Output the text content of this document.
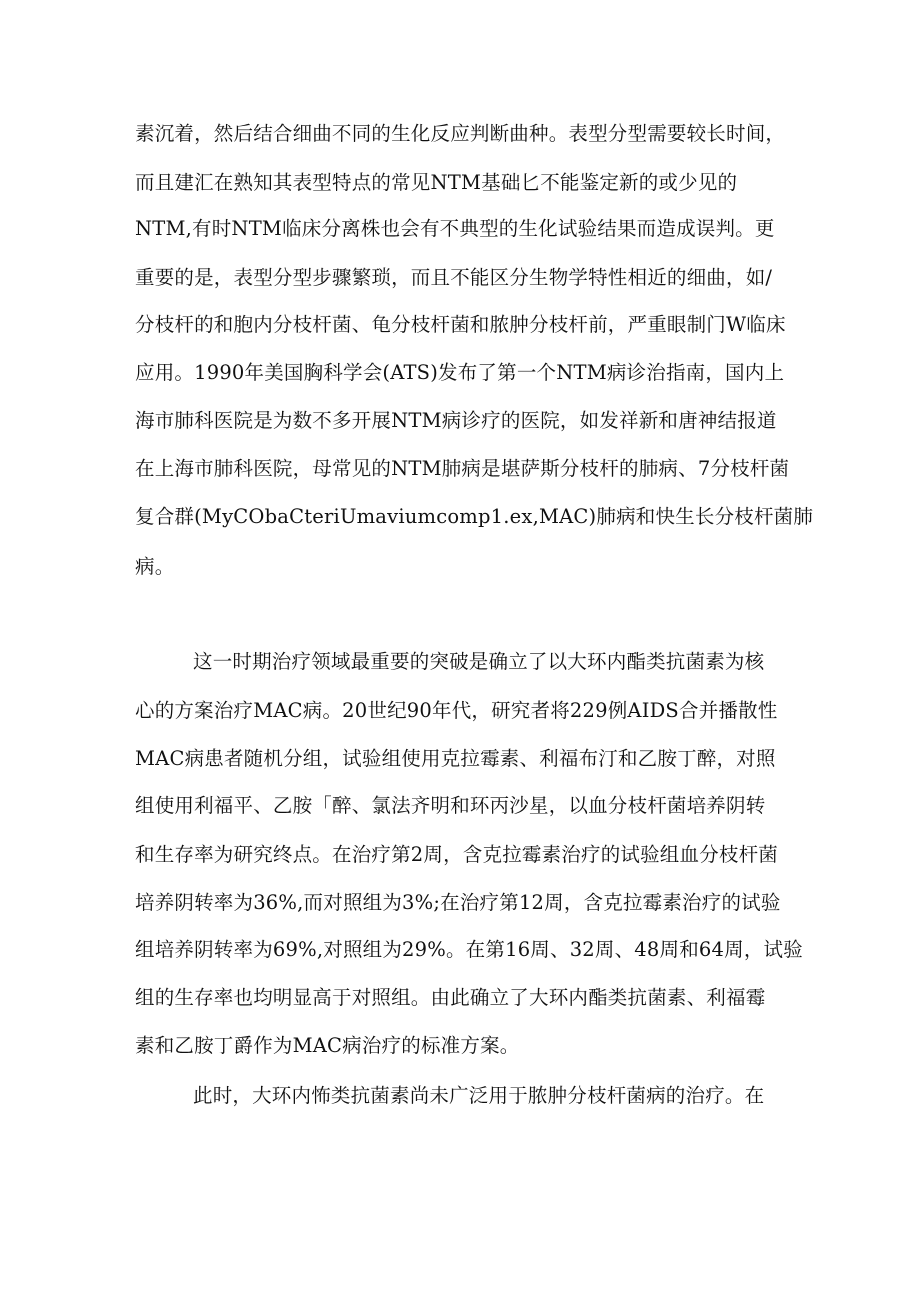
素沉着，然后结合细曲不同的生化反应判断曲种。表型分型需要较长时间，
而且建汇在熟知其表型特点的常见NTM基础匕不能鉴定新的或少见的
NTM,有时NTM临床分离株也会有不典型的生化试验结果而造成误判。更
重要的是，表型分型步骤繁琐，而且不能区分生物学特性相近的细曲，如/
分枝杆的和胞内分枝杆菌、龟分枝杆菌和脓肿分枝杆前，严重眼制门W临床
应用。1990年美国胸科学会(ATS)发布了第一个NTM病诊治指南，国内上
海市肺科医院是为数不多开展NTM病诊疗的医院，如发祥新和唐神结报道
在上海市肺科医院，母常见的NTM肺病是堪萨斯分枝杆的肺病、7分枝杆菌
复合群(MyCObaCteriUmaviumcomp1.ex,MAC)肺病和快生长分枝杆菌肺
病。
这一时期治疗领域最重要的突破是确立了以大环内酯类抗菌素为核
心的方案治疗MAC病。20世纪90年代，研究者将229例AIDS合并播散性
MAC病患者随机分组，试验组使用克拉霉素、利福布汀和乙胺丁醉，对照
组使用利福平、乙胺「醉、氯法齐明和环丙沙星，以血分枝杆菌培养阴转
和生存率为研究终点。在治疗第2周，含克拉霉素治疗的试验组血分枝杆菌
培养阴转率为36%,而对照组为3%;在治疗第12周，含克拉霉素治疗的试验
组培养阴转率为69%,对照组为29%。在第16周、32周、48周和64周，试验
组的生存率也均明显高于对照组。由此确立了大环内酯类抗菌素、利福霉
素和乙胺丁爵作为MAC病治疗的标准方案。
此时，大环内怖类抗菌素尚未广泛用于脓肿分枝杆菌病的治疗。在
